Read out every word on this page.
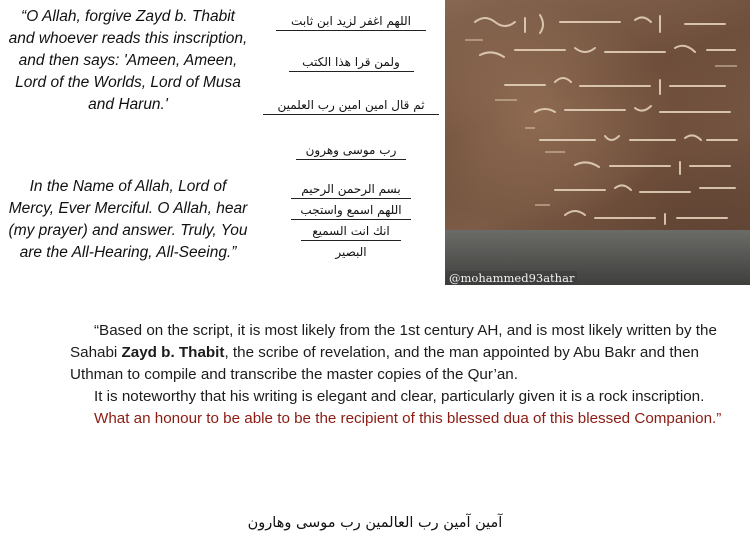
“O Allah, forgive Zayd b. Thabit and whoever reads this inscription, and then says: 'Ameen, Ameen, Lord of the Worlds, Lord of Musa and Harun.'

In the Name of Allah, Lord of Mercy, Ever Merciful. O Allah, hear (my prayer) and answer. Truly, You are the All-Hearing, All-Seeing.”

اللهم اغفر لزيد ابن ثابت
ولمن قرا هذا الكتب
ثم قال امين امين رب العلمين
رب موسى وهرون
بسم الرحمن الرحيم
اللهم اسمع واستجب
انك انت السميع
البصير
@mohammed93athar

“Based on the script, it is most likely from the 1st century AH, and is most likely written by the Sahabi Zayd b. Thabit, the scribe of revelation, and the man appointed by Abu Bakr and then Uthman to compile and transcribe the master copies of the Qur’an.

It is noteworthy that his writing is elegant and clear, particularly given it is a rock inscription.

What an honour to be able to be the recipient of this blessed dua of this blessed Companion.”

آمين آمين رب العالمين رب موسى وهارون
